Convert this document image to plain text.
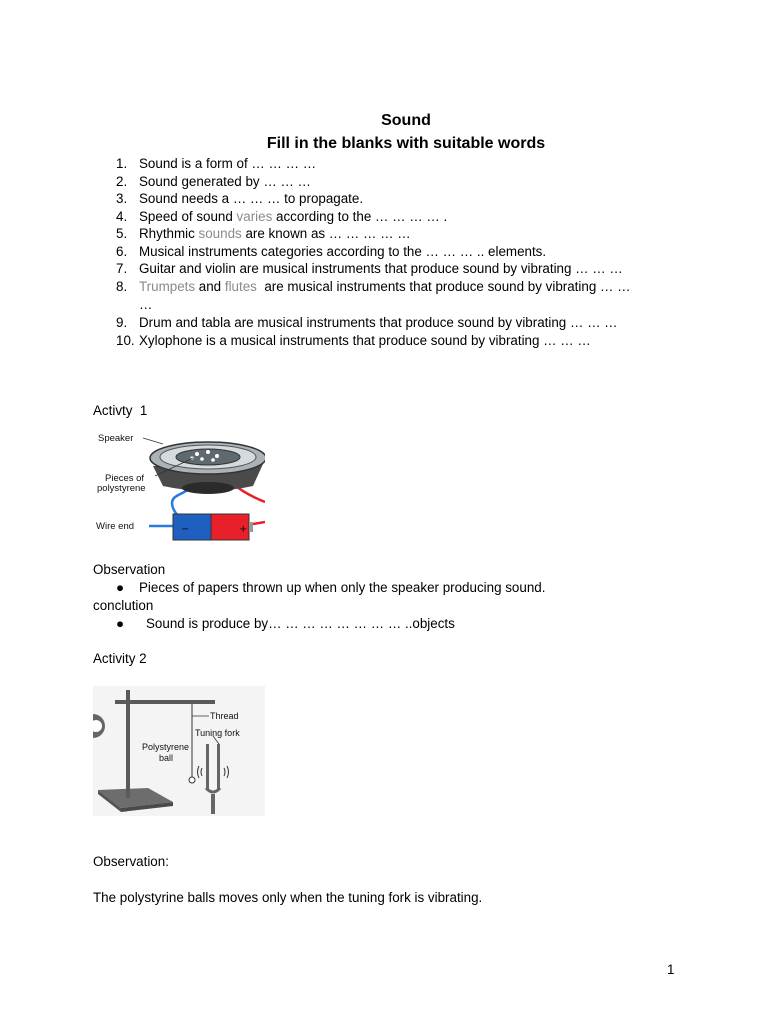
Sound
Fill in the blanks with suitable words
1. Sound is a form of … … … …
2. Sound generated by … … …
3. Sound needs a … … … to propagate.
4. Speed of sound varies according to the … … … … .
5. Rhythmic sounds are known as … … … … …
6. Musical instruments categories according to the … … … .. elements.
7. Guitar and violin are musical instruments that produce sound by vibrating … … …
8. Trumpets and flutes  are musical instruments that produce sound by vibrating … …
…
9. Drum and tabla are musical instruments that produce sound by vibrating … … …
10. Xylophone is a musical instruments that produce sound by vibrating … … …
Activty  1
−	+
Speaker
Pieces of
polystyrene
Wire end
Observation
● Pieces of papers thrown up when only the speaker producing sound.
conclution
● Sound is produce by… … … … … … … … ..objects
Activity 2
Thread
Tuning fork
Polystyrene
ball
Observation:
The polystyrine balls moves only when the tuning fork is vibrating.
1
